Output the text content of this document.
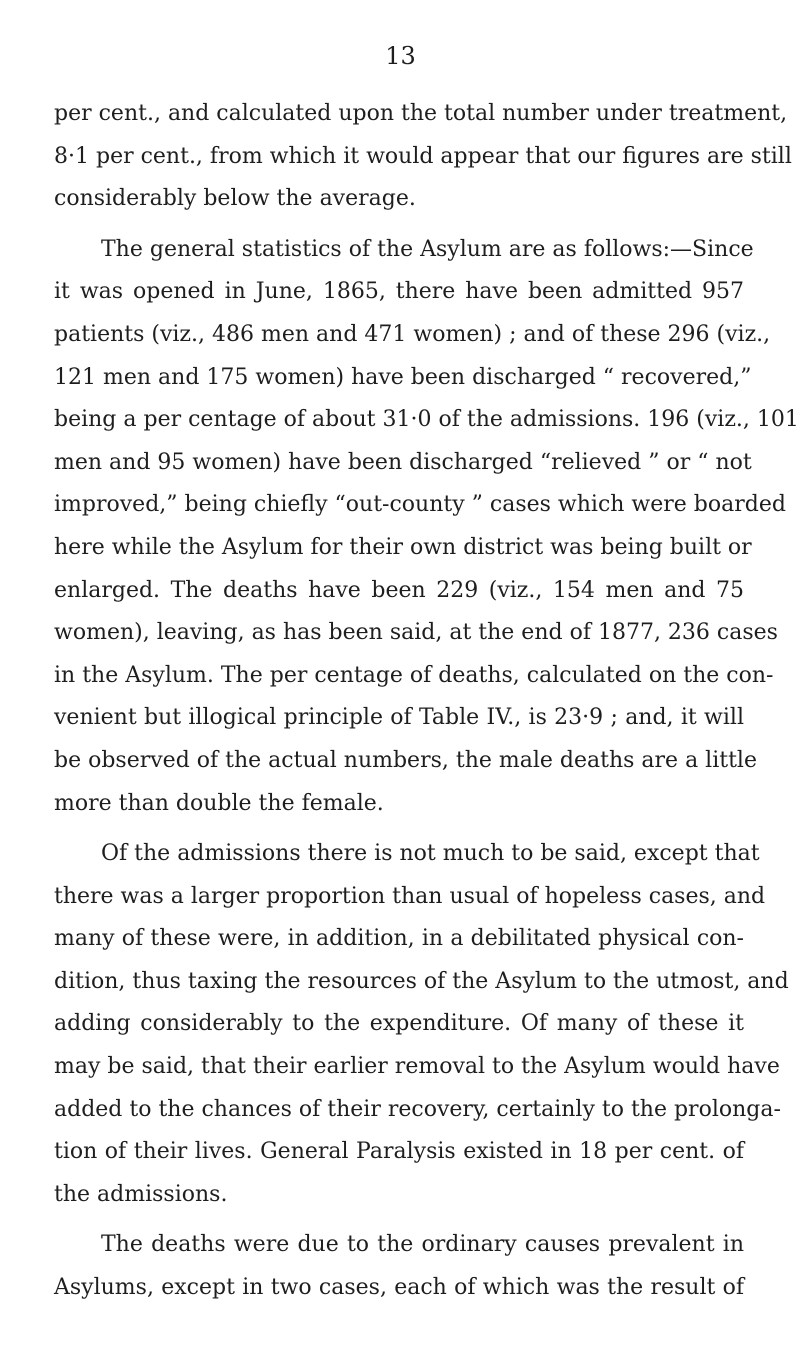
13
per cent., and calculated upon the total number under treatment,
8·1 per cent., from which it would appear that our figures are still
considerably below the average.
The general statistics of the Asylum are as follows:—Since
it was opened in June, 1865, there have been admitted 957
patients (viz., 486 men and 471 women) ; and of these 296 (viz.,
121 men and 175 women) have been discharged “ recovered,”
being a per centage of about 31·0 of the admissions. 196 (viz., 101
men and 95 women) have been discharged “relieved ” or “ not
improved,” being chiefly “out-county ” cases which were boarded
here while the Asylum for their own district was being built or
enlarged. The deaths have been 229 (viz., 154 men and 75
women), leaving, as has been said, at the end of 1877, 236 cases
in the Asylum. The per centage of deaths, calculated on the con-
venient but illogical principle of Table IV., is 23·9 ; and, it will
be observed of the actual numbers, the male deaths are a little
more than double the female.
Of the admissions there is not much to be said, except that
there was a larger proportion than usual of hopeless cases, and
many of these were, in addition, in a debilitated physical con-
dition, thus taxing the resources of the Asylum to the utmost, and
adding considerably to the expenditure. Of many of these it
may be said, that their earlier removal to the Asylum would have
added to the chances of their recovery, certainly to the prolonga-
tion of their lives. General Paralysis existed in 18 per cent. of
the admissions.
The deaths were due to the ordinary causes prevalent in
Asylums, except in two cases, each of which was the result of
